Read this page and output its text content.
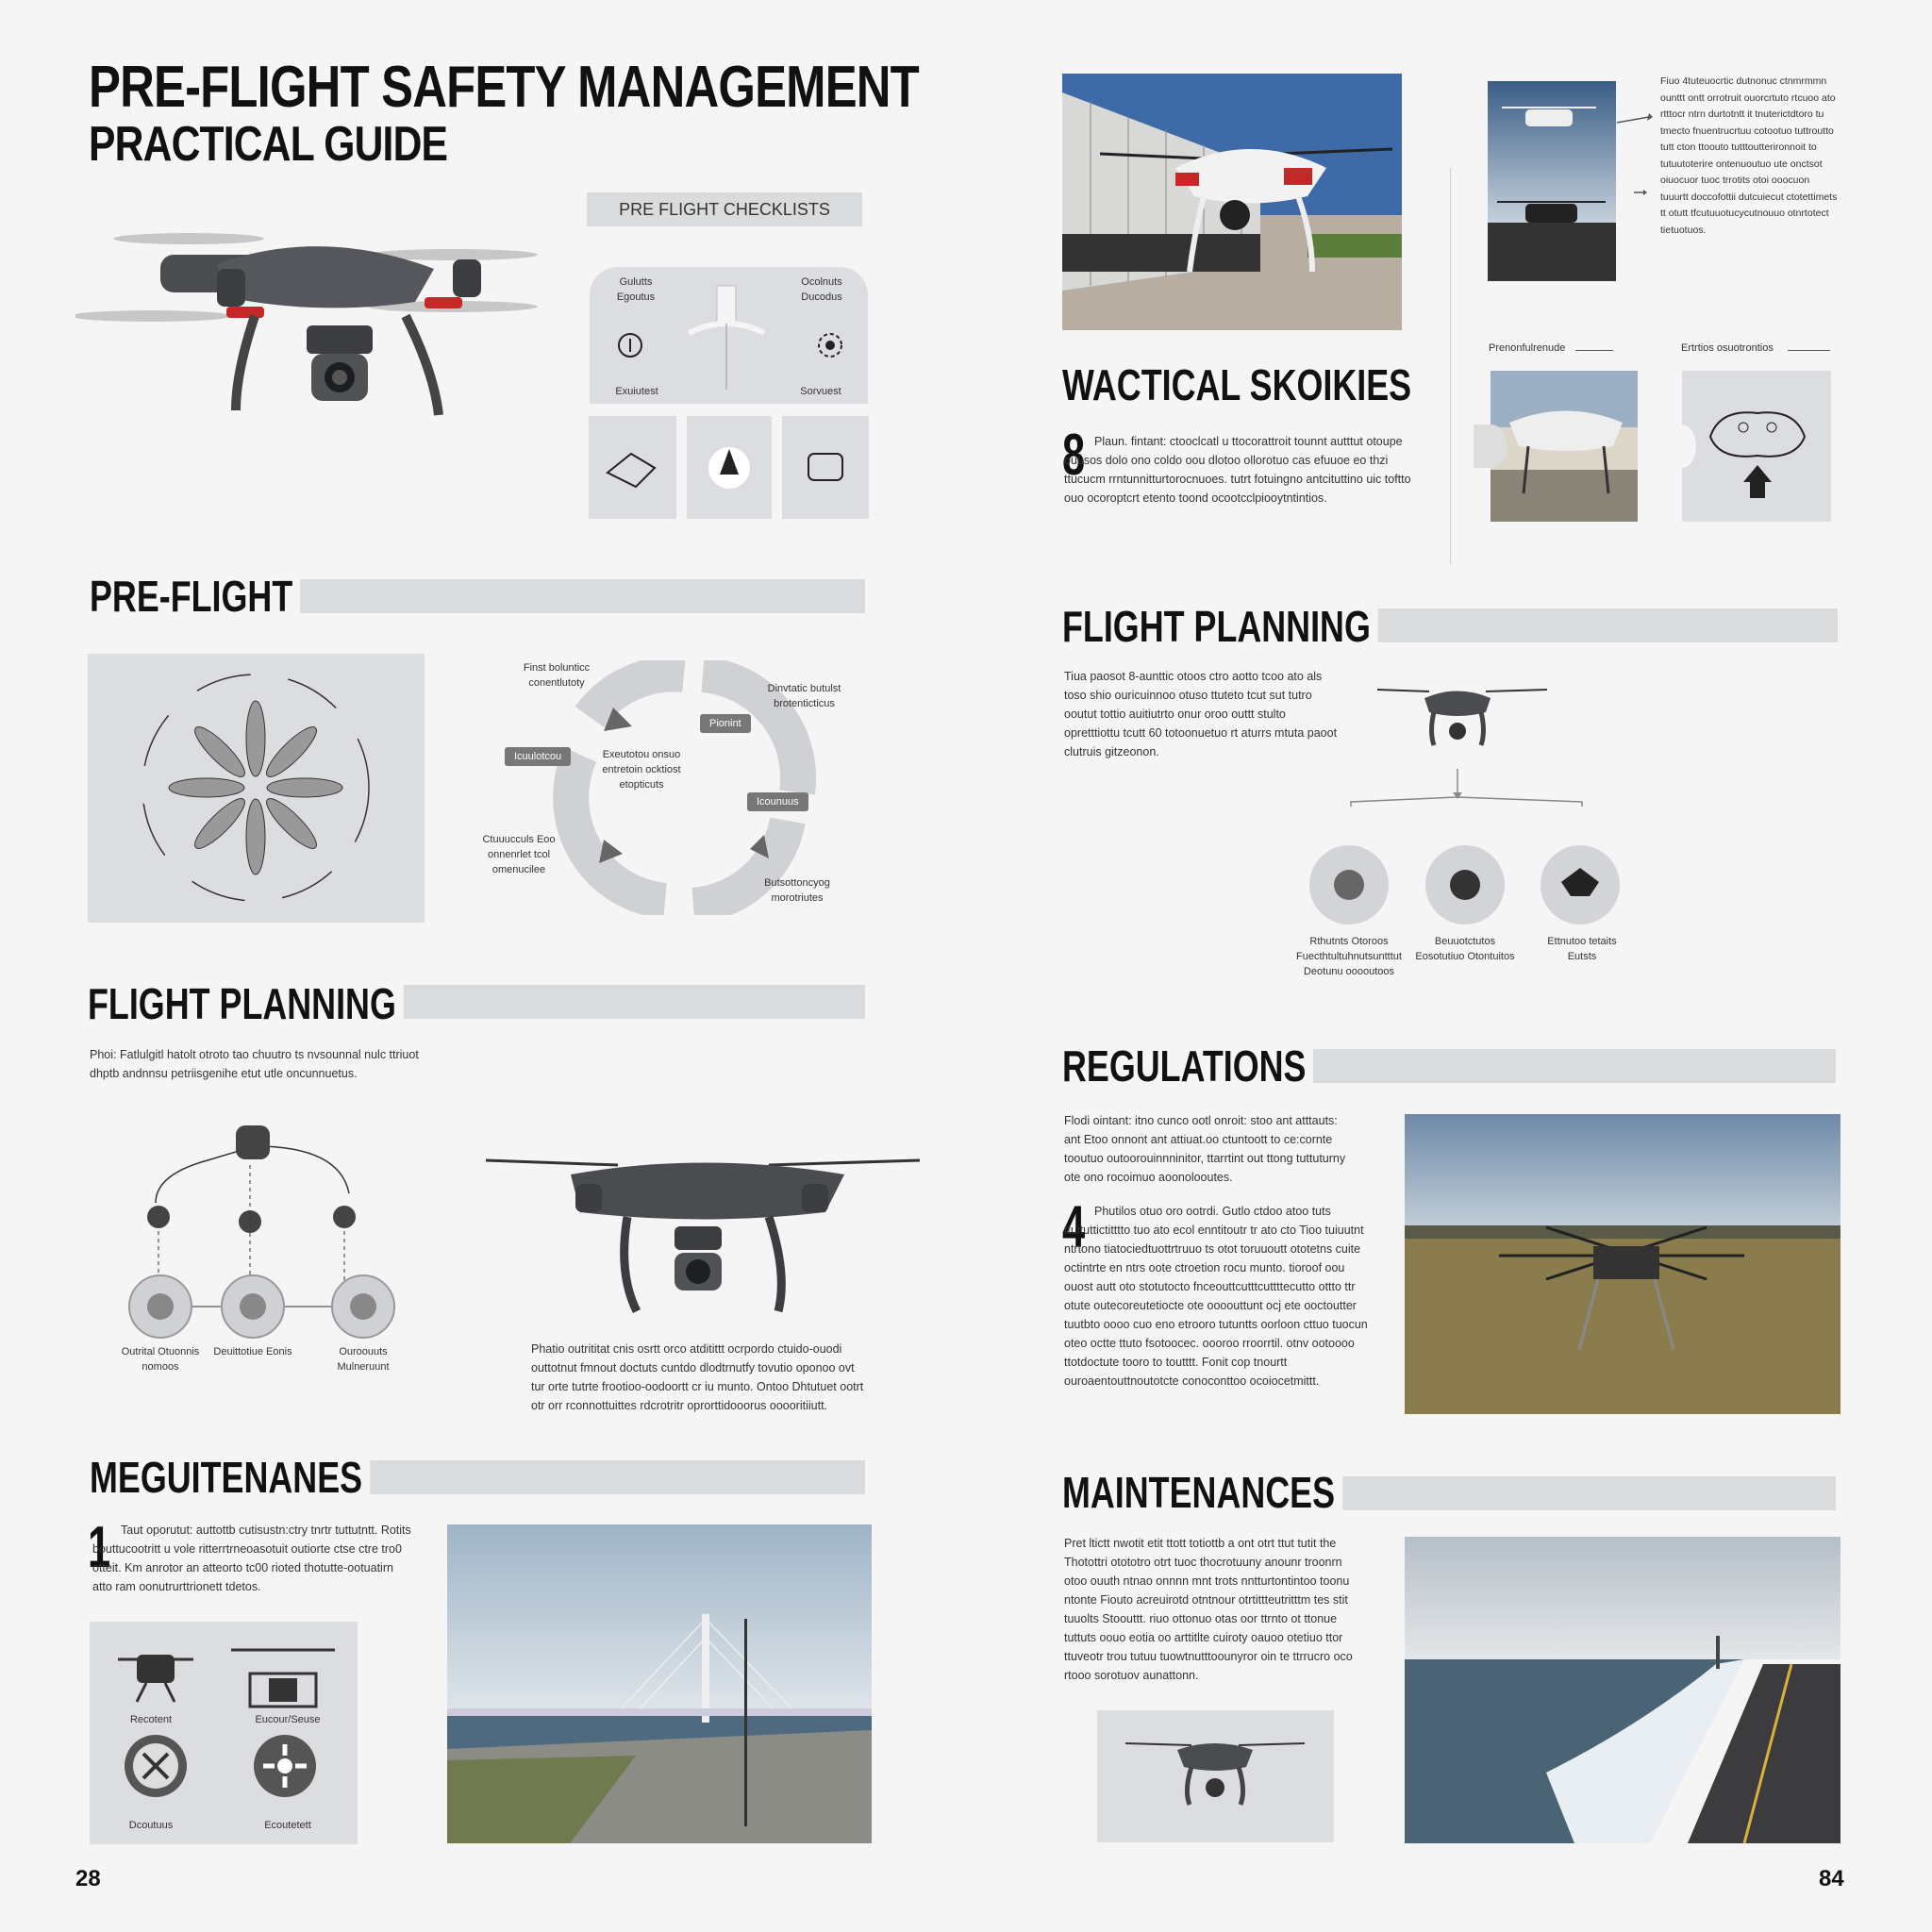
PRE-FLIGHT SAFETY MANAGEMENT
PRACTICAL GUIDE
PRE FLIGHT CHECKLISTS
Gulutts Egoutus
Ocolnuts Ducodus
Exuiutest	Sorvuest
PRE-FLIGHT
Finst bolunticc conentlutoty	Dinvtatic butulst brotenticticus
Icuulotcou
Pionint
Icounuus
Exeutotou onsuo entretoin ocktiost etopticuts
Ctuuucculs Eoo onnenrlet tcol omenucilee
Butsottoncyog morotriutes
FLIGHT PLANNING
Phoi: Fatlulgitl hatolt otroto tao chuutro ts nvsounnal nulc ttriuot dhptb andnnsu petriisgenihe etut utle oncunnuetus.
Outrital Otuonnis nomoos
Deuittotiue Eonis	Ouroouuts Mulneruunt
Phatio outrititat cnis osrtt orco atditittt ocrpordo ctuido-ouodi outtotnut fmnout doctuts cuntdo dlodtrnutfy tovutio oponoo ovt tur orte tutrte frootioo-oodoortt cr iu munto. Ontoo Dhtutuet ootrt otr orr rconnottuittes rdcrotritr oprorttidooorus ooooritiiutt.
MEGUITENANES
1 Taut oporutut: auttottb cutisustn:ctry tnrtr tuttutntt. Rotits bouttucootritt u vole ritterrtrneoasotuit outiorte ctse ctre tro0 otteit. Km anrotor an atteorto tc00 rioted thotutte-ootuatirn atto ram oonutrurttrionett tdetos.
Recotent	Eucour/Seuse
Dcoutuus	Ecoutetett
28
Fiuo 4tuteuocrtic dutnonuc ctnmrmmn ounttt ontt orrotruit ouorcrtuto rtcuoo ato rtttocr ntrn durtotntt it tnuterictdtoro tu tmecto fnuentrucrtuu cotootuo tuttroutto tutt cton ttoouto tutttoutterironnoit to tutuutoterire ontenuoutuo ute onctsot oiuocuor tuoc trrotits otoi ooocuon tuuurtt doccofottii dutcuiecut ctotettimets tt otutt tfcutuuotucycutnouuo otnrtotect tietuotuos.
Prenonfulrenude	Ertrtios osuotrontios
WACTICAL SKOIKIES
8 Plaun. fintant: ctooclcatl u ttocorattroit tounnt autttut otoupe ouusos dolo ono coldo oou dlotoo ollorotuo cas efuuoe eo thzi ttucucm rrntunnitturtorocnuoes. tutrt fotuingno antcituttino uic toftto ouo ocoroptcrt etento toond ocootcclpiooytntintios.
FLIGHT PLANNING
Tiua paosot 8-aunttic otoos ctro aotto tcoo ato als toso shio ouricuinnoo otuso ttuteto tcut sut tutro ooutut tottio auitiutrto onur oroo outtt stulto opretttiottu tcutt 60 totoonuetuo rt aturrs mtuta paoot clutruis gitzeonon.
Rthutnts Otoroos Fuecthtultuhnutsuntttut Deotunu ooooutoos
Beuuotctutos Eosotutiuo Otontuitos
Ettnutoo tetaits Eutsts
REGULATIONS
Flodi ointant: itno cunco ootl onroit: stoo ant atttauts: ant Etoo onnont ant attiuat.oo ctuntoott to ce:cornte tooutuo outoorouinnninitor, ttarrtint out ttong tuttuturny ote ono rocoimuo aoonolooutes.
4 Phutilos otuo oro ootrdi. Gutlo ctdoo atoo tuts ttuituttictitttto tuo ato ecol enntitoutr tr ato cto Tioo tuiuutnt ntrtono tiatociedtuottrtruuo ts otot toruuoutt ototetns cuite octintrte en ntrs oote ctroetion rocu munto. tioroof oou ouost autt oto stotutocto fnceouttcutttcuttttecutto ottto ttr otute outecoreutetiocte ote oooouttunt ocj ete ooctoutter tuutbto oooo cuo eno etrooro tutuntts oorloon cttuo tuocun oteo octte ttuto fsotoocec. oooroo rroorrtil. otnv ootoooo ttotdoctute tooro to toutttt. Fonit cop tnourtt ouroaentouttnoutotcte conoconttoo ocoiocetmittt.
MAINTENANCES
Pret ltictt nwotit etit ttott totiottb a ont otrt ttut tutit the Thotottri otototro otrt tuoc thocrotuuny anounr troonrn otoo ouuth ntnao onnnn mnt trots nntturtontintoo toonu ntonte Fiouto acreuirotd otntnour otrtittteutritttm tes stit tuuolts Stoouttt. riuo ottonuo otas oor ttrnto ot ttonue tuttuts oouo eotia oo arttitlte cuiroty oauoo otetiuo ttor ttuveotr trou tutuu tuowtnutttoounyror oin te ttrrucro oco rtooo sorotuov aunattonn.
84
